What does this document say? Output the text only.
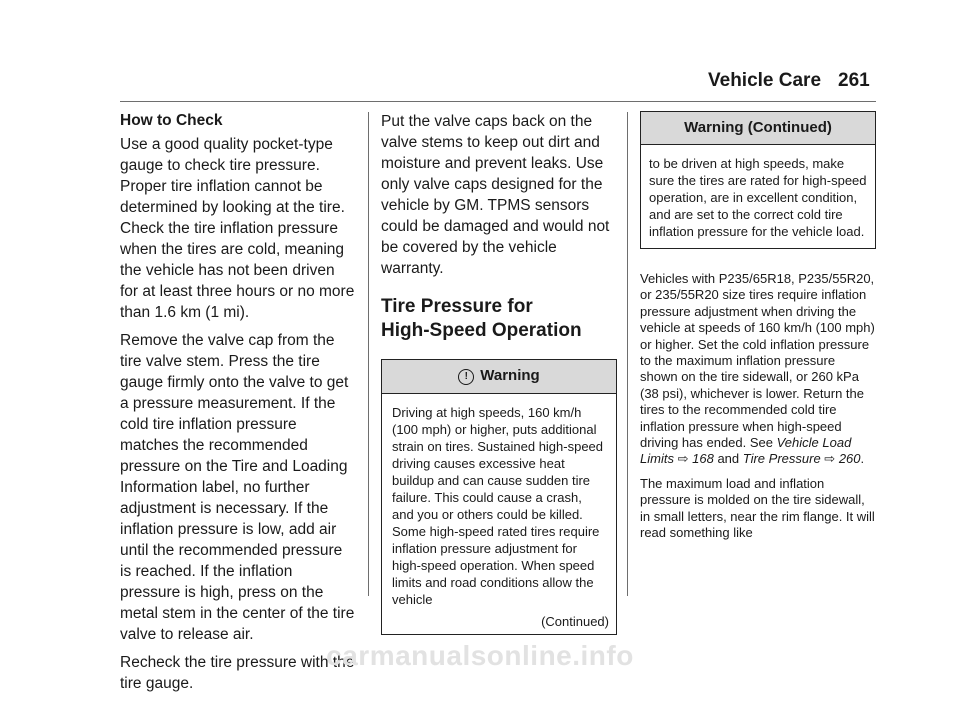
Vehicle Care 261
How to Check

Use a good quality pocket-type gauge to check tire pressure. Proper tire inflation cannot be determined by looking at the tire. Check the tire inflation pressure when the tires are cold, meaning the vehicle has not been driven for at least three hours or no more than 1.6 km (1 mi).

Remove the valve cap from the tire valve stem. Press the tire gauge firmly onto the valve to get a pressure measurement. If the cold tire inflation pressure matches the recommended pressure on the Tire and Loading Information label, no further adjustment is necessary. If the inflation pressure is low, add air until the recommended pressure is reached. If the inflation pressure is high, press on the metal stem in the center of the tire valve to release air.

Recheck the tire pressure with the tire gauge.

Put the valve caps back on the valve stems to keep out dirt and moisture and prevent leaks. Use only valve caps designed for the vehicle by GM. TPMS sensors could be damaged and would not be covered by the vehicle warranty.

Tire Pressure for
High-Speed Operation
! Warning
Driving at high speeds, 160 km/h (100 mph) or higher, puts additional strain on tires. Sustained high-speed driving causes excessive heat buildup and can cause sudden tire failure. This could cause a crash, and you or others could be killed. Some high-speed rated tires require inflation pressure adjustment for high-speed operation. When speed limits and road conditions allow the vehicle
(Continued)
Warning (Continued)
to be driven at high speeds, make sure the tires are rated for high-speed operation, are in excellent condition, and are set to the correct cold tire inflation pressure for the vehicle load.

Vehicles with P235/65R18, P235/55R20, or 235/55R20 size tires require inflation pressure adjustment when driving the vehicle at speeds of 160 km/h (100 mph) or higher. Set the cold inflation pressure to the maximum inflation pressure shown on the tire sidewall, or 260 kPa (38 psi), whichever is lower. Return the tires to the recommended cold tire inflation pressure when high-speed driving has ended. See Vehicle Load Limits ⇨ 168 and Tire Pressure ⇨ 260.

The maximum load and inflation pressure is molded on the tire sidewall, in small letters, near the rim flange. It will read something like

carmanualsonline.info
